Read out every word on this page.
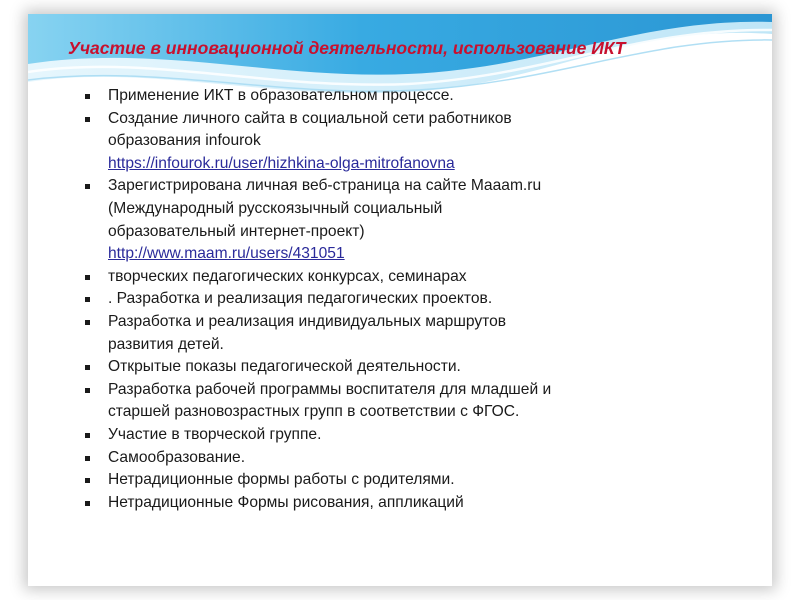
Участие в инновационной деятельности, использование ИКТ
Применение ИКТ в образовательном процессе.
Создание личного сайта в социальной сети работников
образования infourok
https://infourok.ru/user/hizhkina-olga-mitrofanovna
Зарегистрирована личная веб-страница на сайте Maaam.ru
(Международный русскоязычный социальный
образовательный интернет-проект)
http://www.maam.ru/users/431051
творческих педагогических конкурсах, семинарах
. Разработка и реализация педагогических проектов.
Разработка и реализация индивидуальных маршрутов
развития детей.
Открытые показы педагогической деятельности.
Разработка рабочей программы воспитателя для младшей и
старшей разновозрастных групп в соответствии с ФГОС.
Участие в творческой группе.
Самообразование.
Нетрадиционные формы работы с родителями.
Нетрадиционные Формы рисования, аппликаций
